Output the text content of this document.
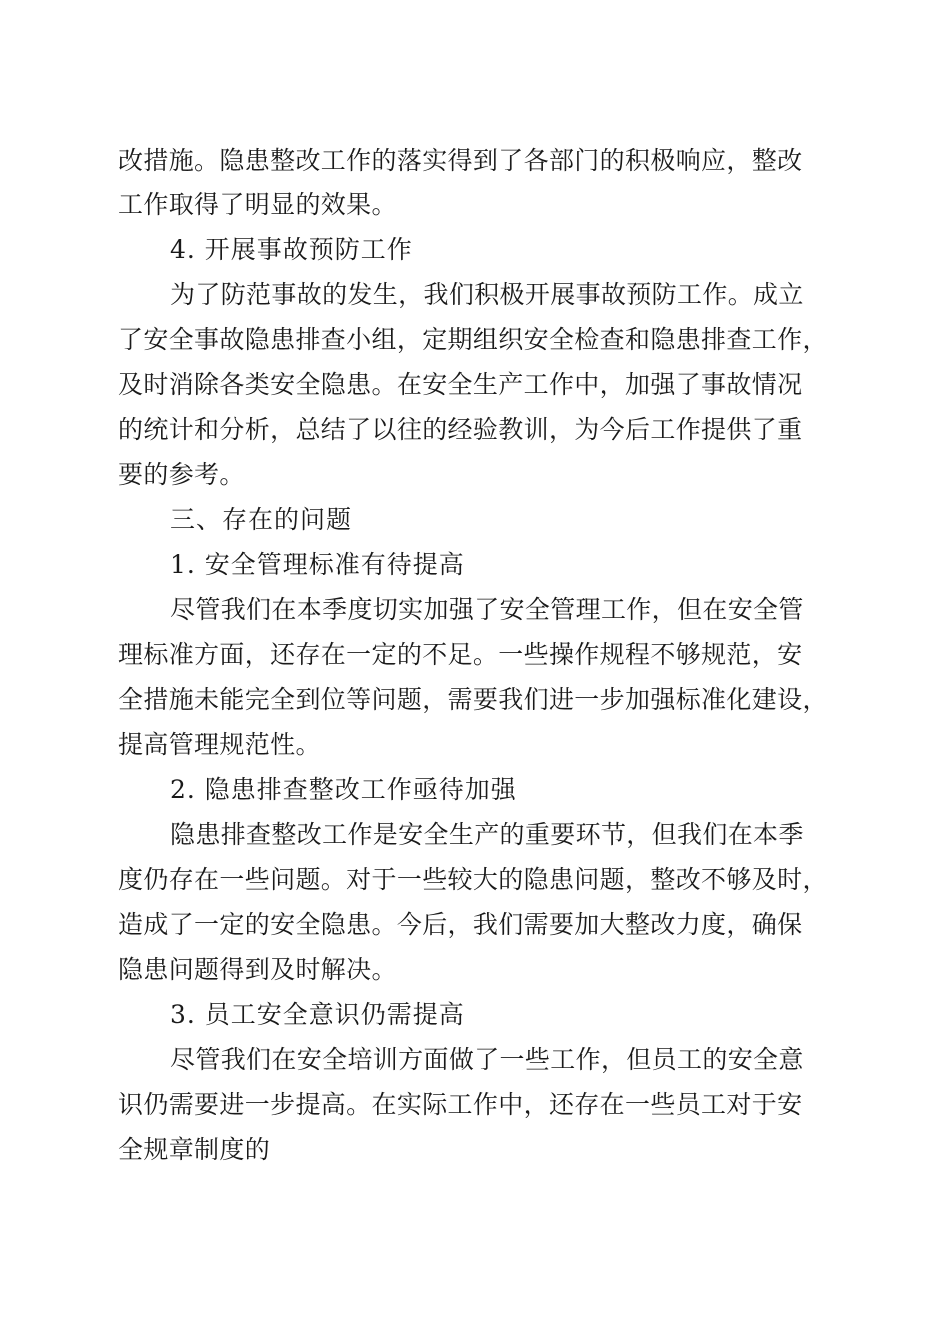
改措施。隐患整改工作的落实得到了各部门的积极响应，整改
工作取得了明显的效果。
4. 开展事故预防工作
为了防范事故的发生，我们积极开展事故预防工作。成立
了安全事故隐患排查小组，定期组织安全检查和隐患排查工作，
及时消除各类安全隐患。在安全生产工作中，加强了事故情况
的统计和分析，总结了以往的经验教训，为今后工作提供了重
要的参考。
三、存在的问题
1. 安全管理标准有待提高
尽管我们在本季度切实加强了安全管理工作，但在安全管
理标准方面，还存在一定的不足。一些操作规程不够规范，安
全措施未能完全到位等问题，需要我们进一步加强标准化建设，
提高管理规范性。
2. 隐患排查整改工作亟待加强
隐患排查整改工作是安全生产的重要环节，但我们在本季
度仍存在一些问题。对于一些较大的隐患问题，整改不够及时，
造成了一定的安全隐患。今后，我们需要加大整改力度，确保
隐患问题得到及时解决。
3. 员工安全意识仍需提高
尽管我们在安全培训方面做了一些工作，但员工的安全意
识仍需要进一步提高。在实际工作中，还存在一些员工对于安
全规章制度的
